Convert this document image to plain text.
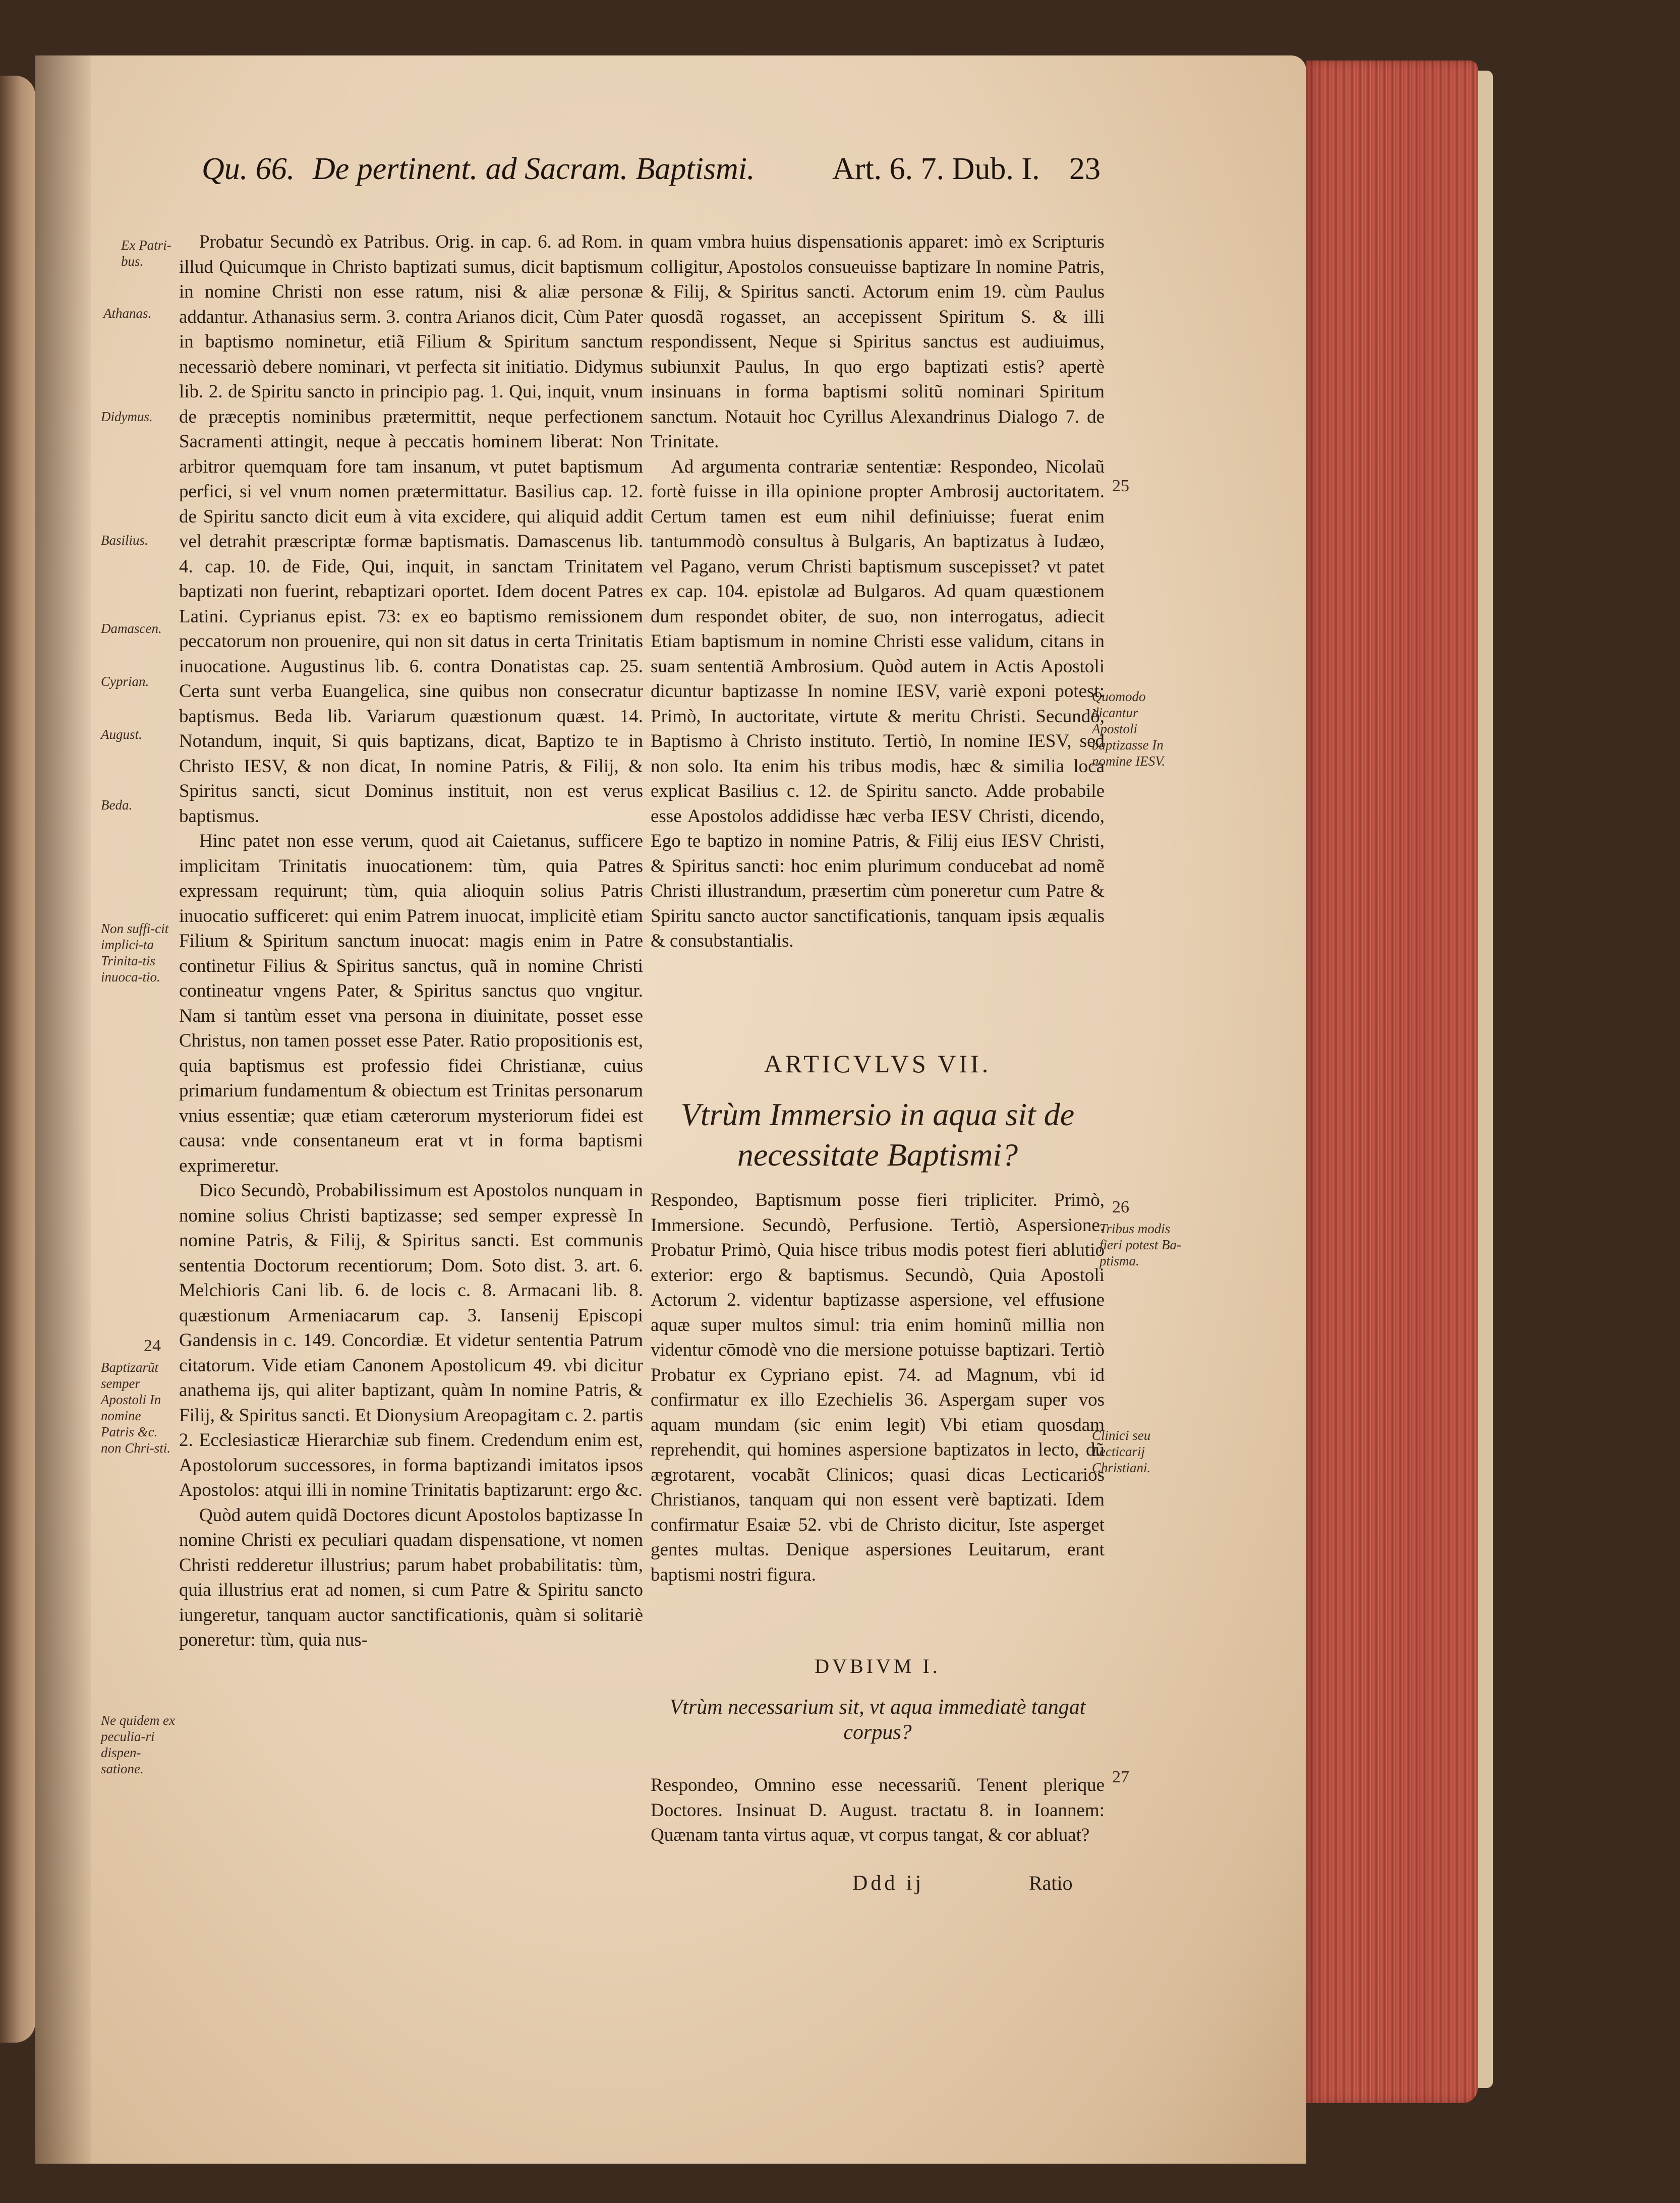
Qu. 66. De pertinent. ad Sacram. Baptismi. Art. 6. 7. Dub. I. 23
Ex Patri-bus.
Athanas.
Didymus.
Basilius.
Damascen.
Cyprian.
August.
Beda.
Non suffi-cit implici-ta Trinita-tis inuoca-tio.
24
Baptizarũt semper Apostoli In nomine Patris &c. non Chri-sti.
Ne quidem ex peculia-ri dispen-satione.
25
Quomodo dicantur Apostoli baptizasse In nomine IESV.
26
Tribus modis fieri potest Ba-ptisma.
Clinici seu Lecticarij Christiani.
27

Probatur Secundò ex Patribus. Orig. in cap. 6. ad Rom. in illud Quicumque in Christo baptizati sumus, dicit baptismum in nomine Christi non esse ratum, nisi & aliæ personæ addantur. Athanasius serm. 3. contra Arianos dicit, Cùm Pater in baptismo nominetur, etiã Filium & Spiritum sanctum necessariò debere nominari, vt perfecta sit initiatio. Didymus lib. 2. de Spiritu sancto in principio pag. 1. Qui, inquit, vnum de præceptis nominibus prætermittit, neque perfectionem Sacramenti attingit, neque à peccatis hominem liberat: Non arbitror quemquam fore tam insanum, vt putet baptismum perfici, si vel vnum nomen prætermittatur. Basilius cap. 12. de Spiritu sancto dicit eum à vita excidere, qui aliquid addit vel detrahit præscriptæ formæ baptismatis. Damascenus lib. 4. cap. 10. de Fide, Qui, inquit, in sanctam Trinitatem baptizati non fuerint, rebaptizari oportet. Idem docent Patres Latini. Cyprianus epist. 73: ex eo baptismo remissionem peccatorum non prouenire, qui non sit datus in certa Trinitatis inuocatione. Augustinus lib. 6. contra Donatistas cap. 25. Certa sunt verba Euangelica, sine quibus non consecratur baptismus. Beda lib. Variarum quæstionum quæst. 14. Notandum, inquit, Si quis baptizans, dicat, Baptizo te in Christo IESV, & non dicat, In nomine Patris, & Filij, & Spiritus sancti, sicut Dominus instituit, non est verus baptismus.

Hinc patet non esse verum, quod ait Caietanus, sufficere implicitam Trinitatis inuocationem: tùm, quia Patres expressam requirunt; tùm, quia alioquin solius Patris inuocatio sufficeret: qui enim Patrem inuocat, implicitè etiam Filium & Spiritum sanctum inuocat: magis enim in Patre continetur Filius & Spiritus sanctus, quã in nomine Christi contineatur vngens Pater, & Spiritus sanctus quo vngitur. Nam si tantùm esset vna persona in diuinitate, posset esse Christus, non tamen posset esse Pater. Ratio propositionis est, quia baptismus est professio fidei Christianæ, cuius primarium fundamentum & obiectum est Trinitas personarum vnius essentiæ; quæ etiam cæterorum mysteriorum fidei est causa: vnde consentaneum erat vt in forma baptismi exprimeretur.

Dico Secundò, Probabilissimum est Apostolos nunquam in nomine solius Christi baptizasse; sed semper expressè In nomine Patris, & Filij, & Spiritus sancti. Est communis sententia Doctorum recentiorum; Dom. Soto dist. 3. art. 6. Melchioris Cani lib. 6. de locis c. 8. Armacani lib. 8. quæstionum Armeniacarum cap. 3. Iansenij Episcopi Gandensis in c. 149. Concordiæ. Et videtur sententia Patrum citatorum. Vide etiam Canonem Apostolicum 49. vbi dicitur anathema ijs, qui aliter baptizant, quàm In nomine Patris, & Filij, & Spiritus sancti. Et Dionysium Areopagitam c. 2. partis 2. Ecclesiasticæ Hierarchiæ sub finem. Credendum enim est, Apostolorum successores, in forma baptizandi imitatos ipsos Apostolos: atqui illi in nomine Trinitatis baptizarunt: ergo &c.

Quòd autem quidã Doctores dicunt Apostolos baptizasse In nomine Christi ex peculiari quadam dispensatione, vt nomen Christi redderetur illustrius; parum habet probabilitatis: tùm, quia illustrius erat ad nomen, si cum Patre & Spiritu sancto iungeretur, tanquam auctor sanctificationis, quàm si solitariè poneretur: tùm, quia nus-

quam vmbra huius dispensationis apparet: imò ex Scripturis colligitur, Apostolos consueuisse baptizare In nomine Patris, & Filij, & Spiritus sancti. Actorum enim 19. cùm Paulus quosdã rogasset, an accepissent Spiritum S. & illi respondissent, Neque si Spiritus sanctus est audiuimus, subiunxit Paulus, In quo ergo baptizati estis? apertè insinuans in forma baptismi solitũ nominari Spiritum sanctum. Notauit hoc Cyrillus Alexandrinus Dialogo 7. de Trinitate.

Ad argumenta contrariæ sententiæ: Respondeo, Nicolaũ fortè fuisse in illa opinione propter Ambrosij auctoritatem. Certum tamen est eum nihil definiuisse; fuerat enim tantummodò consultus à Bulgaris, An baptizatus à Iudæo, vel Pagano, verum Christi baptismum suscepisset? vt patet ex cap. 104. epistolæ ad Bulgaros. Ad quam quæstionem dum respondet obiter, de suo, non interrogatus, adiecit Etiam baptismum in nomine Christi esse validum, citans in suam sententiã Ambrosium. Quòd autem in Actis Apostoli dicuntur baptizasse In nomine IESV, variè exponi potest: Primò, In auctoritate, virtute & meritu Christi. Secundò, Baptismo à Christo instituto. Tertiò, In nomine IESV, sed non solo. Ita enim his tribus modis, hæc & similia loca explicat Basilius c. 12. de Spiritu sancto. Adde probabile esse Apostolos addidisse hæc verba IESV Christi, dicendo, Ego te baptizo in nomine Patris, & Filij eius IESV Christi, & Spiritus sancti: hoc enim plurimum conducebat ad nomẽ Christi illustrandum, præsertim cùm poneretur cum Patre & Spiritu sancto auctor sanctificationis, tanquam ipsis æqualis & consubstantialis.

ARTICVLVS VII.
Vtrùm Immersio in aqua sit de necessitate Baptismi?

Respondeo, Baptismum posse fieri tripliciter. Primò, Immersione. Secundò, Perfusione. Tertiò, Aspersione. Probatur Primò, Quia hisce tribus modis potest fieri ablutio exterior: ergo & baptismus. Secundò, Quia Apostoli Actorum 2. videntur baptizasse aspersione, vel effusione aquæ super multos simul: tria enim hominũ millia non videntur cōmodè vno die mersione potuisse baptizari. Tertiò Probatur ex Cypriano epist. 74. ad Magnum, vbi id confirmatur ex illo Ezechielis 36. Aspergam super vos aquam mundam (sic enim legit) Vbi etiam quosdam reprehendit, qui homines aspersione baptizatos in lecto, dũ ægrotarent, vocabãt Clinicos; quasi dicas Lecticarios Christianos, tanquam qui non essent verè baptizati. Idem confirmatur Esaiæ 52. vbi de Christo dicitur, Iste asperget gentes multas. Denique aspersiones Leuitarum, erant baptismi nostri figura.

DVBIVM I.
Vtrùm necessarium sit, vt aqua immediatè tangat corpus?

Respondeo, Omnino esse necessariũ. Tenent plerique Doctores. Insinuat D. August. tractatu 8. in Ioannem: Quænam tanta virtus aquæ, vt corpus tangat, & cor abluat?

Ddd ij	Ratio
